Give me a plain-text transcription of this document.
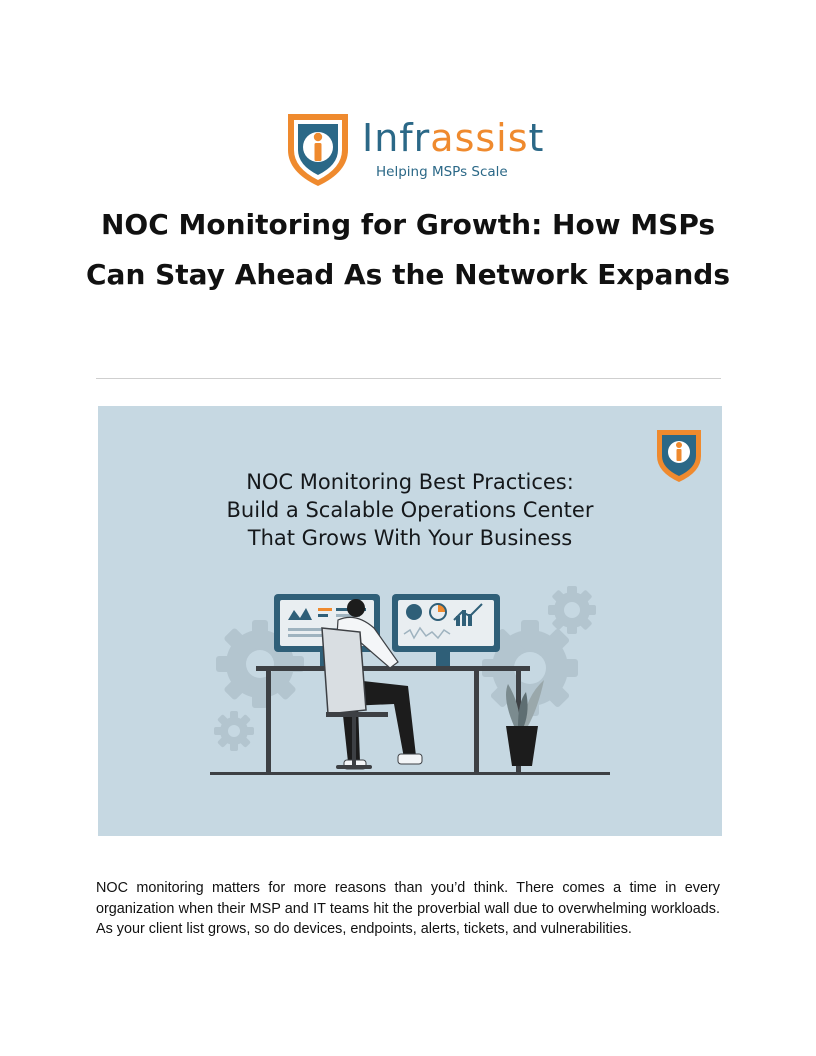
Infrassist
Helping MSPs Scale
NOC Monitoring for Growth: How MSPs Can Stay Ahead As the Network Expands
NOC Monitoring Best Practices:
Build a Scalable Operations Center
That Grows With Your Business

NOC monitoring matters for more reasons than you’d think. There comes a time in every organization when their MSP and IT teams hit the proverbial wall due to overwhelming workloads. As your client list grows, so do devices, endpoints, alerts, tickets, and vulnerabilities.
